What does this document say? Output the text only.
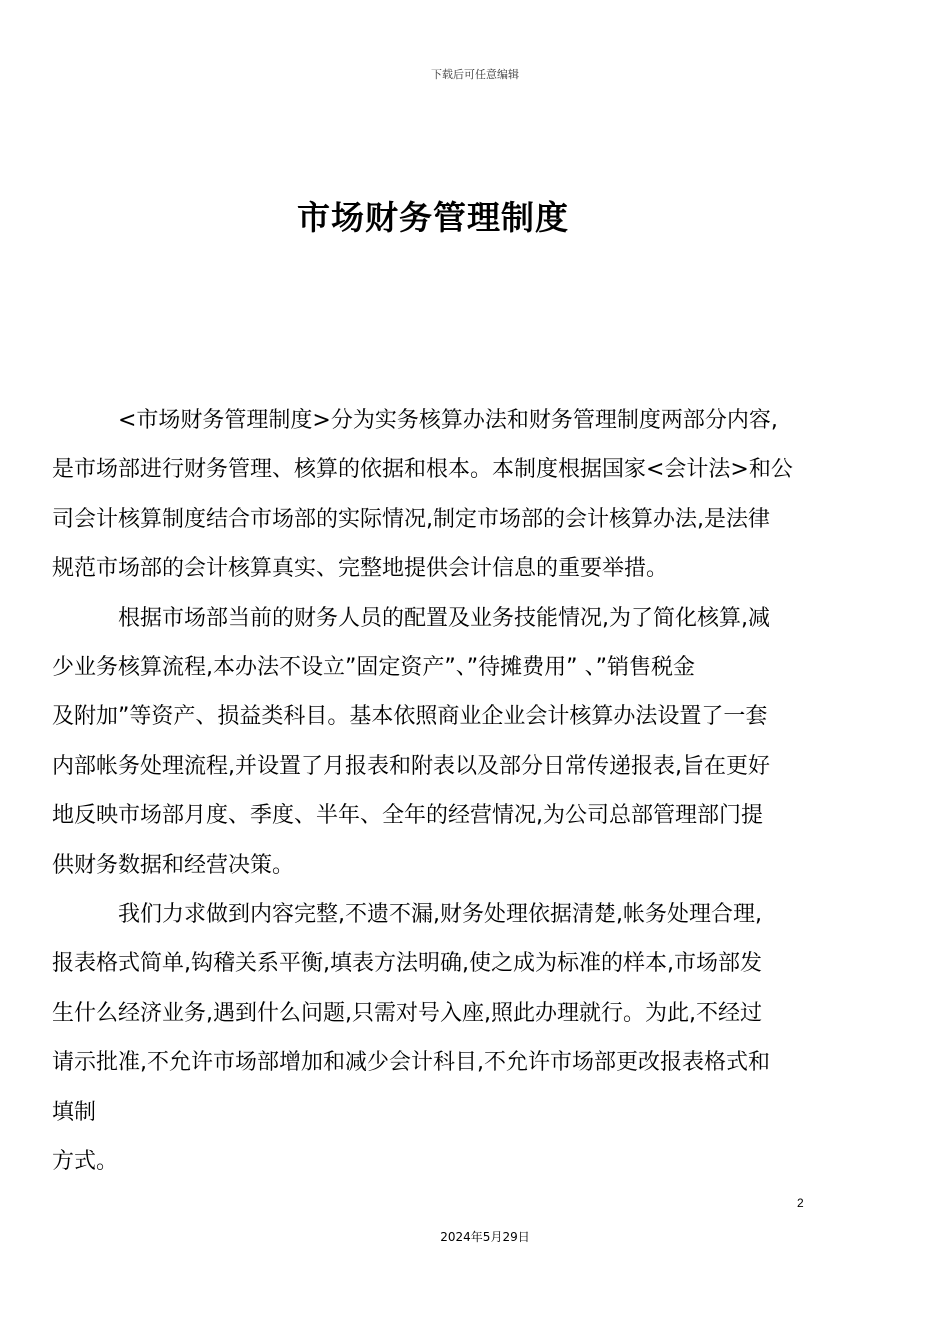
下载后可任意编辑
市场财务管理制度

<市场财务管理制度>分为实务核算办法和财务管理制度两部分内容,
是市场部进行财务管理、核算的依据和根本。本制度根据国家<会计法>和公
司会计核算制度结合市场部的实际情况,制定市场部的会计核算办法,是法律
规范市场部的会计核算真实、完整地提供会计信息的重要举措。

根据市场部当前的财务人员的配置及业务技能情况,为了简化核算,减
少业务核算流程,本办法不设立”固定资产”、”待摊费用” 、”销售税金
及附加”等资产、损益类科目。基本依照商业企业会计核算办法设置了一套
内部帐务处理流程,并设置了月报表和附表以及部分日常传递报表,旨在更好
地反映市场部月度、季度、半年、全年的经营情况,为公司总部管理部门提
供财务数据和经营决策。

我们力求做到内容完整,不遗不漏,财务处理依据清楚,帐务处理合理,
报表格式简单,钩稽关系平衡,填表方法明确,使之成为标准的样本,市场部发
生什么经济业务,遇到什么问题,只需对号入座,照此办理就行。为此,不经过
请示批准,不允许市场部增加和减少会计科目,不允许市场部更改报表格式和
填制

方式。

2
2024年5月29日
